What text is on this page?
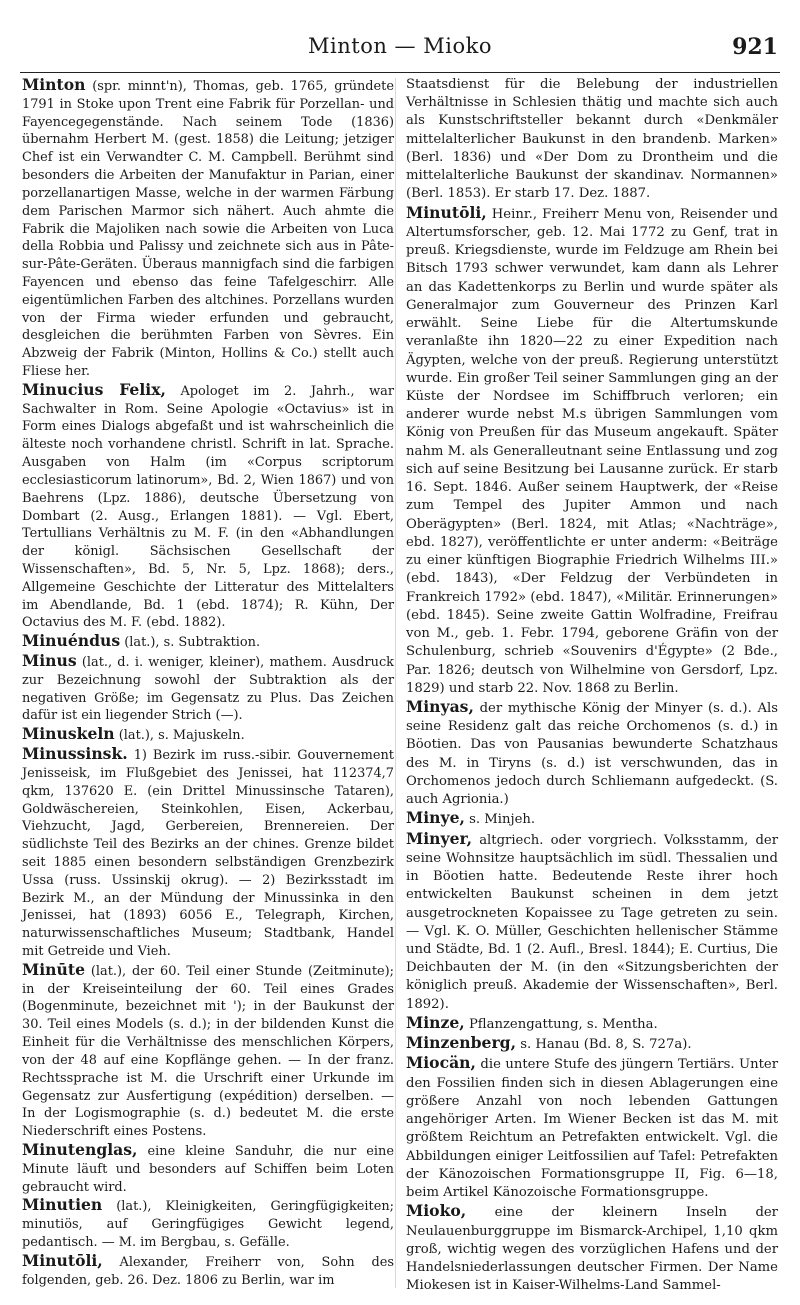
Minton — Mioko	921

Minton (spr. minnt'n), Thomas, geb. 1765, gründete 1791 in Stoke upon Trent eine Fabrik für Porzellan- und Fayencegegenstände. Nach seinem Tode (1836) übernahm Herbert M. (gest. 1858) die Leitung; jetziger Chef ist ein Verwandter C. M. Campbell. Berühmt sind besonders die Arbeiten der Manufaktur in Parian, einer porzellanartigen Masse, welche in der warmen Färbung dem Parischen Marmor sich nähert. Auch ahmte die Fabrik die Majoliken nach sowie die Arbeiten von Luca della Robbia und Palissy und zeichnete sich aus in Pâte-sur-Pâte-Geräten. Überaus mannigfach sind die farbigen Fayencen und ebenso das feine Tafelgeschirr. Alle eigentümlichen Farben des altchines. Porzellans wurden von der Firma wieder erfunden und gebraucht, desgleichen die berühmten Farben von Sèvres. Ein Abzweig der Fabrik (Minton, Hollins & Co.) stellt auch Fliese her.

Minucius Felix, Apologet im 2. Jahrh., war Sachwalter in Rom. Seine Apologie «Octavius» ist in Form eines Dialogs abgefaßt und ist wahrscheinlich die älteste noch vorhandene christl. Schrift in lat. Sprache. Ausgaben von Halm (im «Corpus scriptorum ecclesiasticorum latinorum», Bd. 2, Wien 1867) und von Baehrens (Lpz. 1886), deutsche Übersetzung von Dombart (2. Ausg., Erlangen 1881). — Vgl. Ebert, Tertullians Verhältnis zu M. F. (in den «Abhandlungen der königl. Sächsischen Gesellschaft der Wissenschaften», Bd. 5, Nr. 5, Lpz. 1868); ders., Allgemeine Geschichte der Litteratur des Mittelalters im Abendlande, Bd. 1 (ebd. 1874); R. Kühn, Der Octavius des M. F. (ebd. 1882).

Minuéndus (lat.), s. Subtraktion.

Minus (lat., d. i. weniger, kleiner), mathem. Ausdruck zur Bezeichnung sowohl der Subtraktion als der negativen Größe; im Gegensatz zu Plus. Das Zeichen dafür ist ein liegender Strich (—).

Minuskeln (lat.), s. Majuskeln.

Minussinsk. 1) Bezirk im russ.-sibir. Gouvernement Jenisseisk, im Flußgebiet des Jenissei, hat 112374,7 qkm, 137620 E. (ein Drittel Minussinsche Tataren), Goldwäschereien, Steinkohlen, Eisen, Ackerbau, Viehzucht, Jagd, Gerbereien, Brennereien. Der südlichste Teil des Bezirks an der chines. Grenze bildet seit 1885 einen besondern selbständigen Grenzbezirk Ussa (russ. Ussinskij okrug). — 2) Bezirksstadt im Bezirk M., an der Mündung der Minussinka in den Jenissei, hat (1893) 6056 E., Telegraph, Kirchen, naturwissenschaftliches Museum; Stadtbank, Handel mit Getreide und Vieh.

Minūte (lat.), der 60. Teil einer Stunde (Zeitminute); in der Kreiseinteilung der 60. Teil eines Grades (Bogenminute, bezeichnet mit '); in der Baukunst der 30. Teil eines Models (s. d.); in der bildenden Kunst die Einheit für die Verhältnisse des menschlichen Körpers, von der 48 auf eine Kopflänge gehen. — In der franz. Rechtssprache ist M. die Urschrift einer Urkunde im Gegensatz zur Ausfertigung (expédition) derselben. — In der Logismographie (s. d.) bedeutet M. die erste Niederschrift eines Postens.

Minutenglas, eine kleine Sanduhr, die nur eine Minute läuft und besonders auf Schiffen beim Loten gebraucht wird.

Minutien (lat.), Kleinigkeiten, Geringfügigkeiten; minutiös, auf Geringfügiges Gewicht legend, pedantisch. — M. im Bergbau, s. Gefälle.

Minutōli, Alexander, Freiherr von, Sohn des folgenden, geb. 26. Dez. 1806 zu Berlin, war im

Staatsdienst für die Belebung der industriellen Verhältnisse in Schlesien thätig und machte sich auch als Kunstschriftsteller bekannt durch «Denkmäler mittelalterlicher Baukunst in den brandenb. Marken» (Berl. 1836) und «Der Dom zu Drontheim und die mittelalterliche Baukunst der skandinav. Normannen» (Berl. 1853). Er starb 17. Dez. 1887.

Minutōli, Heinr., Freiherr Menu von, Reisender und Altertumsforscher, geb. 12. Mai 1772 zu Genf, trat in preuß. Kriegsdienste, wurde im Feldzuge am Rhein bei Bitsch 1793 schwer verwundet, kam dann als Lehrer an das Kadettenkorps zu Berlin und wurde später als Generalmajor zum Gouverneur des Prinzen Karl erwählt. Seine Liebe für die Altertumskunde veranlaßte ihn 1820—22 zu einer Expedition nach Ägypten, welche von der preuß. Regierung unterstützt wurde. Ein großer Teil seiner Sammlungen ging an der Küste der Nordsee im Schiffbruch verloren; ein anderer wurde nebst M.s übrigen Sammlungen vom König von Preußen für das Museum angekauft. Später nahm M. als Generalleutnant seine Entlassung und zog sich auf seine Besitzung bei Lausanne zurück. Er starb 16. Sept. 1846. Außer seinem Hauptwerk, der «Reise zum Tempel des Jupiter Ammon und nach Oberägypten» (Berl. 1824, mit Atlas; «Nachträge», ebd. 1827), veröffentlichte er unter anderm: «Beiträge zu einer künftigen Biographie Friedrich Wilhelms III.» (ebd. 1843), «Der Feldzug der Verbündeten in Frankreich 1792» (ebd. 1847), «Militär. Erinnerungen» (ebd. 1845). Seine zweite Gattin Wolfradine, Freifrau von M., geb. 1. Febr. 1794, geborene Gräfin von der Schulenburg, schrieb «Souvenirs d'Égypte» (2 Bde., Par. 1826; deutsch von Wilhelmine von Gersdorf, Lpz. 1829) und starb 22. Nov. 1868 zu Berlin.

Minyas, der mythische König der Minyer (s. d.). Als seine Residenz galt das reiche Orchomenos (s. d.) in Böotien. Das von Pausanias bewunderte Schatzhaus des M. in Tiryns (s. d.) ist verschwunden, das in Orchomenos jedoch durch Schliemann aufgedeckt. (S. auch Agrionia.)

Minye, s. Minjeh.

Minyer, altgriech. oder vorgriech. Volksstamm, der seine Wohnsitze hauptsächlich im südl. Thessalien und in Böotien hatte. Bedeutende Reste ihrer hoch entwickelten Baukunst scheinen in dem jetzt ausgetrockneten Kopaissee zu Tage getreten zu sein. — Vgl. K. O. Müller, Geschichten hellenischer Stämme und Städte, Bd. 1 (2. Aufl., Bresl. 1844); E. Curtius, Die Deichbauten der M. (in den «Sitzungsberichten der königlich preuß. Akademie der Wissenschaften», Berl. 1892).

Minze, Pflanzengattung, s. Mentha.

Minzenberg, s. Hanau (Bd. 8, S. 727a).

Miocän, die untere Stufe des jüngern Tertiärs. Unter den Fossilien finden sich in diesen Ablagerungen eine größere Anzahl von noch lebenden Gattungen angehöriger Arten. Im Wiener Becken ist das M. mit größtem Reichtum an Petrefakten entwickelt. Vgl. die Abbildungen einiger Leitfossilien auf Tafel: Petrefakten der Känozoischen Formationsgruppe II, Fig. 6—18, beim Artikel Känozoische Formationsgruppe.

Mioko, eine der kleinern Inseln der Neulauenburggruppe im Bismarck-Archipel, 1,10 qkm groß, wichtig wegen des vorzüglichen Hafens und der Handelsniederlassungen deutscher Firmen. Der Name Miokesen ist in Kaiser-Wilhelms-Land Sammel-
